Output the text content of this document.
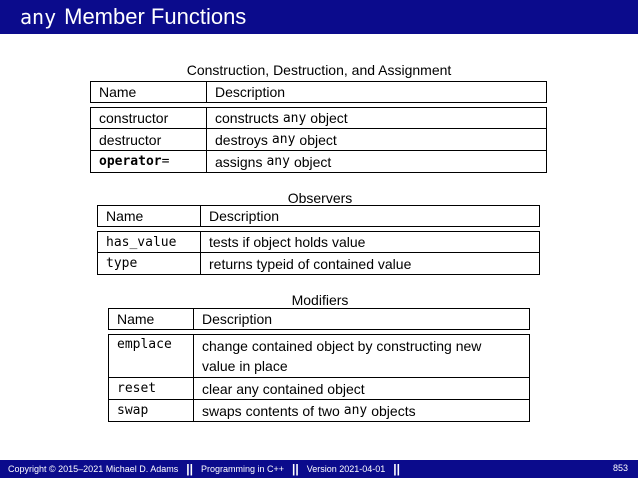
any Member Functions
Construction, Destruction, and Assignment
Name	Description
constructor	constructs any object
destructor	destroys any object
operator =	assigns any object
Observers
Name	Description
has_value	tests if object holds value
type	returns typeid of contained value
Modifiers
Name	Description
emplace	change contained object by constructing new
value in place
reset	clear any contained object
swap	swaps contents of two any objects
Copyright © 2015–2021 Michael D. Adams || Programming in C++ || Version 2021-04-01 ||	853
